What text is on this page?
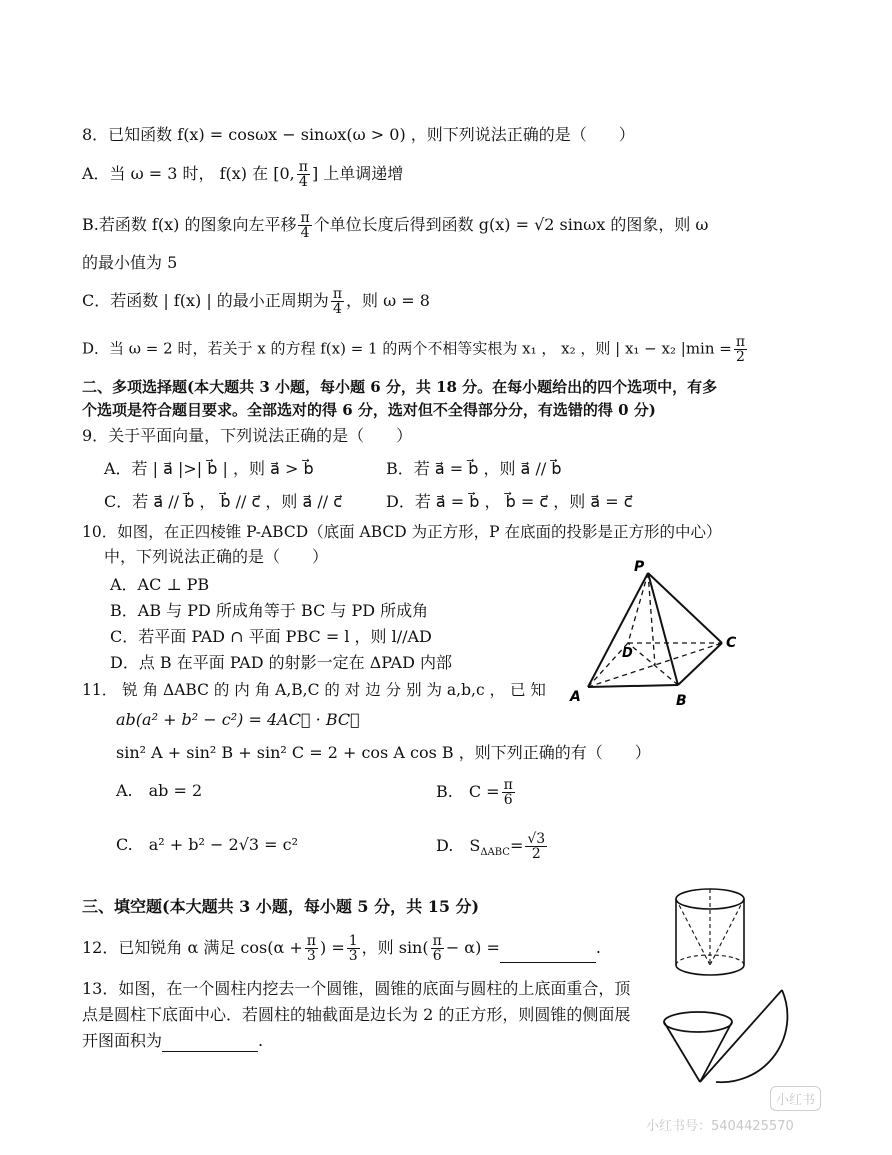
8．已知函数 f(x) = cosωx − sinωx(ω > 0) ，则下列说法正确的是（　　）
A．当 ω = 3 时， f(x) 在 [0, $\frac{\pi}{4}$ ] 上单调递增
B.若函数 f(x) 的图象向左平移 $\frac{\pi}{4}$ 个单位长度后得到函数 g(x) = √2 sinωx 的图象，则 ω
的最小值为 5
C．若函数 | f(x) | 的最小正周期为 $\frac{\pi}{4}$ ，则 ω = 8
D．当 ω = 2 时，若关于 x 的方程 f(x) = 1 的两个不相等实根为 x₁ ， x₂ ，则 | x₁ − x₂ $|\min = \frac{\pi}{2}$
二、多项选择题(本大题共 3 小题，每小题 6 分，共 18 分。在每小题给出的四个选项中，有多
个选项是符合题目要求。全部选对的得 6 分，选对但不全得部分分，有选错的得 0 分)
9．关于平面向量，下列说法正确的是（　　）
A．若 | a⃗ |>| b⃗ | ，则 a⃗ > b⃗	B．若 a⃗ = b⃗ ，则 a⃗ // b⃗
C．若 a⃗ // b⃗ ， b⃗ // c⃗ ，则 a⃗ // c⃗	D．若 a⃗ = b⃗ ， b⃗ = c⃗ ，则 a⃗ = c⃗
10．如图，在正四棱锥 P-ABCD（底面 ABCD 为正方形，P 在底面的投影是正方形的中心）
中，下列说法正确的是（　　）
A．AC ⊥ PB
B．AB 与 PD 所成角等于 BC 与 PD 所成角
C．若平面 PAD ∩ 平面 PBC = l ，则 l//AD
D．点 B 在平面 PAD 的射影一定在 ΔPAD 内部
P
A	B
C
D
11． 锐 角 ΔABC 的 内 角 A,B,C 的 对 边 分 别 为 a,b,c ， 已 知
ab(a² + b² − c²) = 4AC⃗ · BC⃗
sin² A + sin² B + sin² C = 2 + cos A cos B ，则下列正确的有（　　）
A.　ab = 2	B.　$C = \frac{\pi}{6}$
C.　a² + b² − 2√3 = c²	D.　$S_{\Delta ABC}= \frac{√3}{2}$
三、填空题(本大题共 3 小题，每小题 5 分，共 15 分)
12．已知锐角 α 满足 $\cos(\alpha + \frac{\pi}{3}$ ) = $\frac{1}{3}$ ，则 $\sin( \frac{\pi}{6} - \alpha)$ =	.
13．如图，在一个圆柱内挖去一个圆锥，圆锥的底面与圆柱的上底面重合，顶
点是圆柱下底面中心．若圆柱的轴截面是边长为 2 的正方形，则圆锥的侧面展
开图面积为	.
小红书
小红书号：5404425570
